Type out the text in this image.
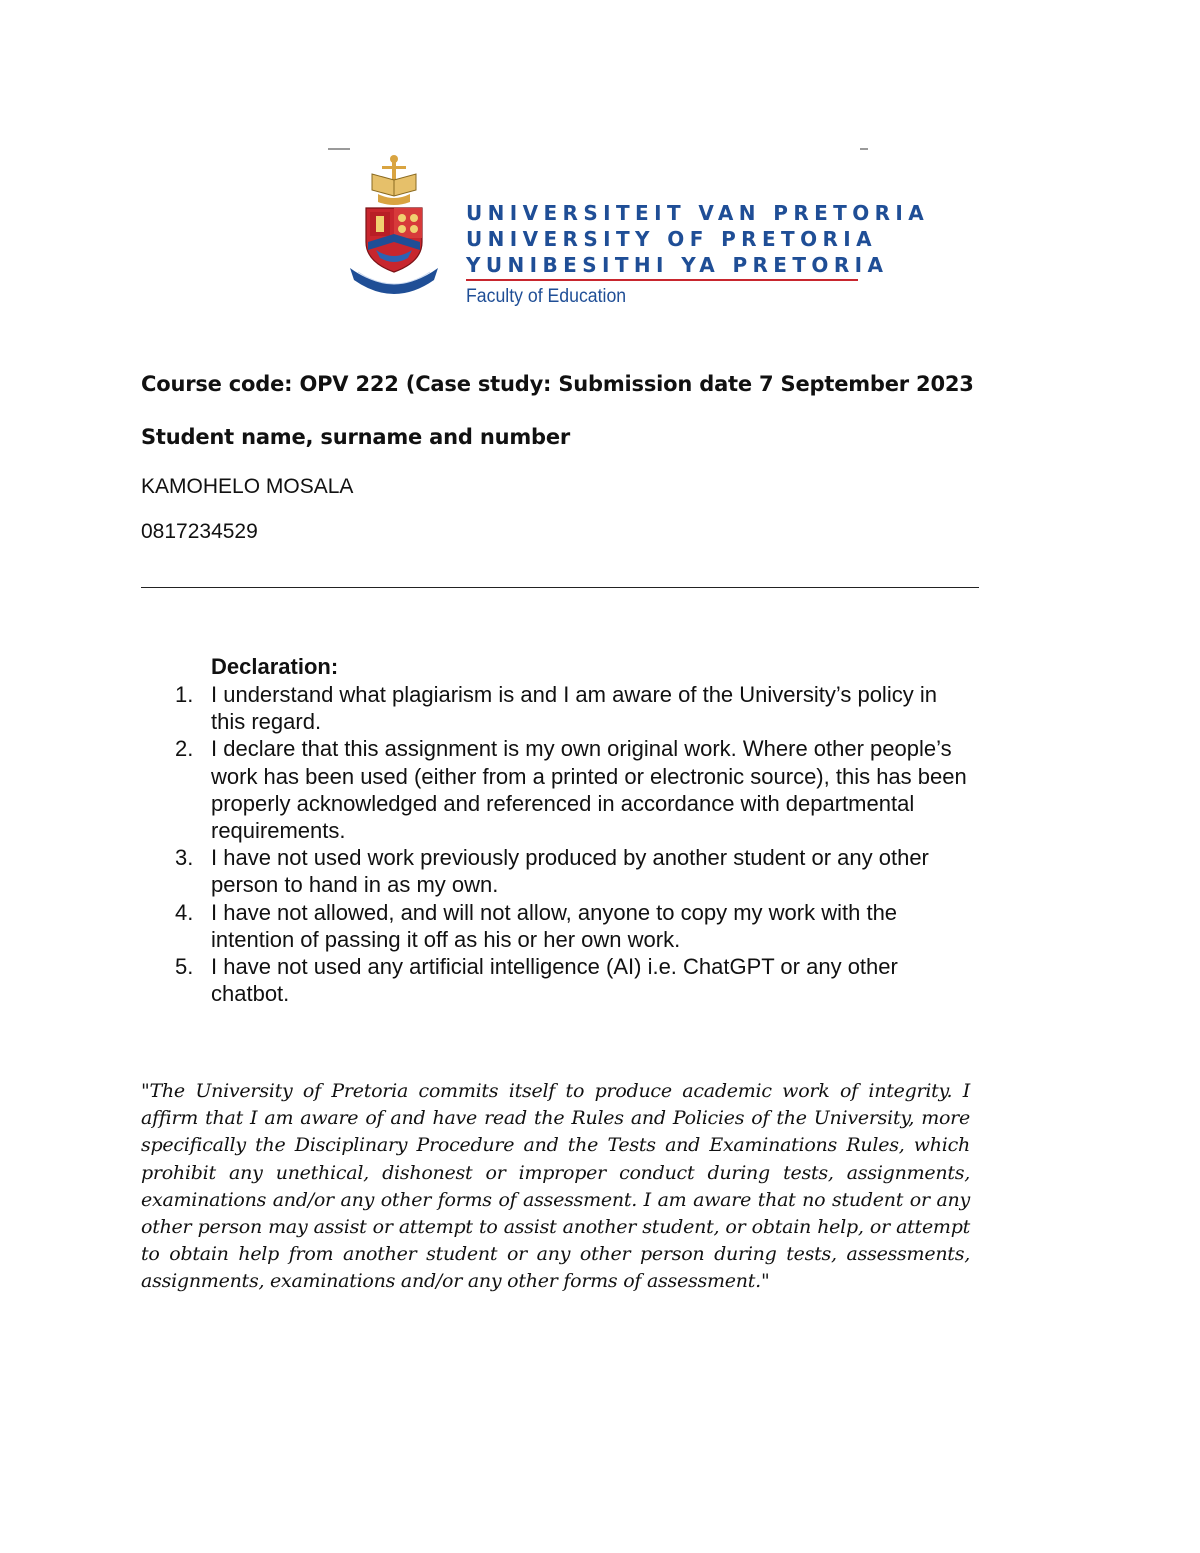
UNIVERSITEIT VAN PRETORIA

UNIVERSITY OF PRETORIA

YUNIBESITHI YA PRETORIA

Faculty of Education
Course code: OPV 222 (Case study: Submission date 7 September 2023
Student name, surname and number
KAMOHELO MOSALA
0817234529
Declaration:
1. I understand what plagiarism is and I am aware of the University’s policy in this regard.
2. I declare that this assignment is my own original work. Where other people’s work has been used (either from a printed or electronic source), this has been properly acknowledged and referenced in accordance with departmental requirements.
3. I have not used work previously produced by another student or any other person to hand in as my own.
4. I have not allowed, and will not allow, anyone to copy my work with the intention of passing it off as his or her own work.
5. I have not used any artificial intelligence (AI) i.e. ChatGPT or any other chatbot.

"The University of Pretoria commits itself to produce academic work of integrity. I affirm that I am aware of and have read the Rules and Policies of the University, more specifically the Disciplinary Procedure and the Tests and Examinations Rules, which prohibit any unethical, dishonest or improper conduct during tests, assignments, examinations and/or any other forms of assessment. I am aware that no student or any other person may assist or attempt to assist another student, or obtain help, or attempt to obtain help from another student or any other person during tests, assessments, assignments, examinations and/or any other forms of assessment."
